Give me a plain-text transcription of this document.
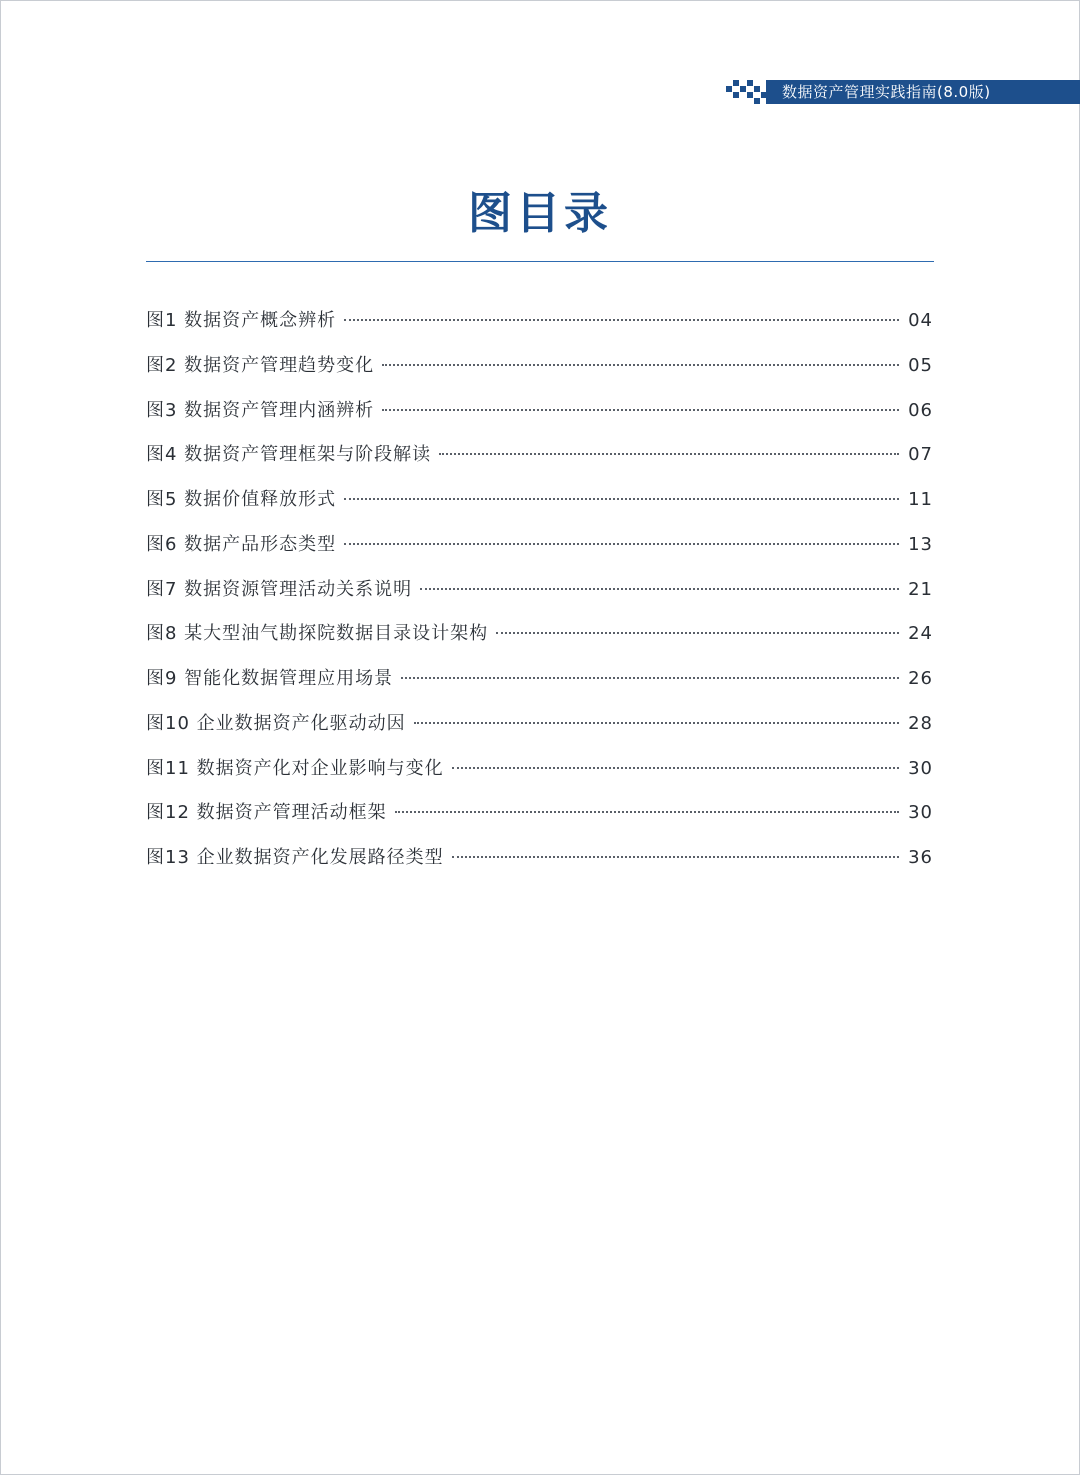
数据资产管理实践指南(8.0版)
图目录
图1 数据资产概念辨析	04
图2 数据资产管理趋势变化	05
图3 数据资产管理内涵辨析	06
图4 数据资产管理框架与阶段解读	07
图5 数据价值释放形式	11
图6 数据产品形态类型	13
图7 数据资源管理活动关系说明	21
图8 某大型油气勘探院数据目录设计架构	24
图9 智能化数据管理应用场景	26
图10 企业数据资产化驱动动因	28
图11 数据资产化对企业影响与变化	30
图12 数据资产管理活动框架	30
图13 企业数据资产化发展路径类型	36
